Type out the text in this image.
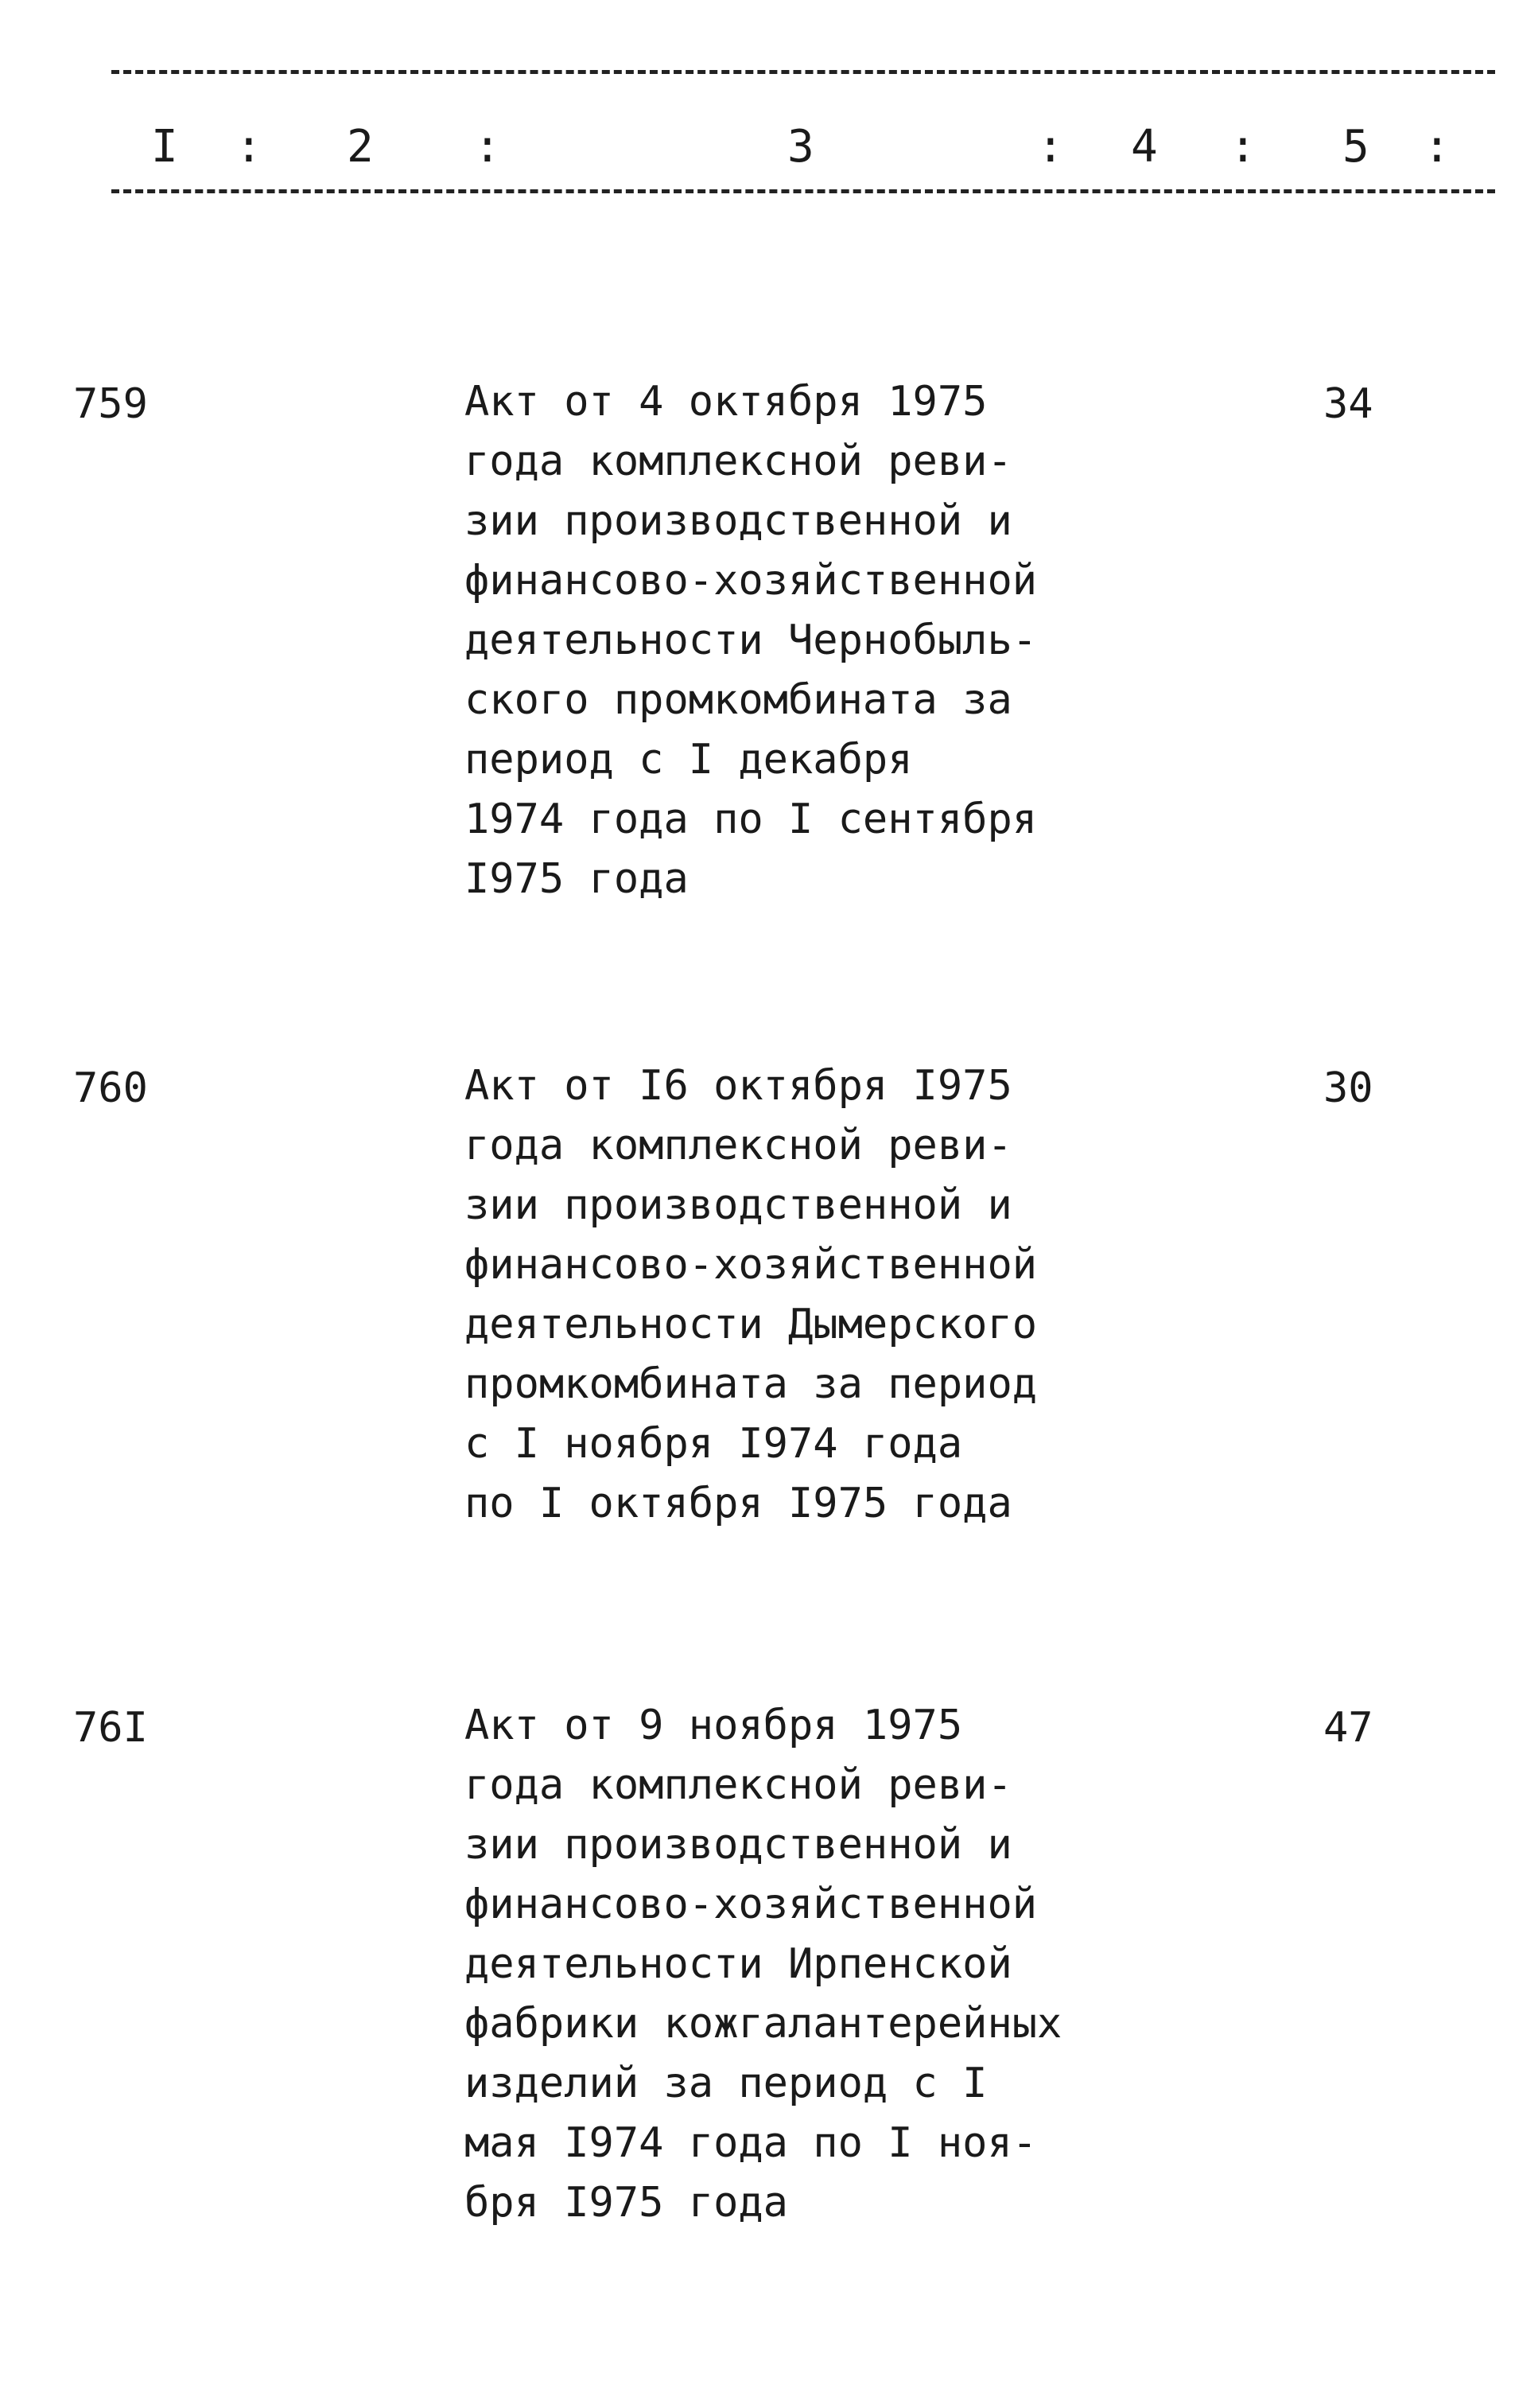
I : 2 :	3	: 4 : 5 :
759	Акт от 4 октября 1975
года комплексной реви-
зии производственной и
финансово-хозяйственной
деятельности Чернобыль-
ского промкомбината за
период с I декабря
1974 года по I сентября
I975 года
34
760	Акт от I6 октября I975
года комплексной реви-
зии производственной и
финансово-хозяйственной
деятельности Дымерского
промкомбината за период
с I ноября I974 года
по I октября I975 года
30
76I	Акт от 9 ноября 1975
года комплексной реви-
зии производственной и
финансово-хозяйственной
деятельности Ирпенской
фабрики кожгалантерейных
изделий за период с I
мая I974 года по I ноя-
бря I975 года
47
